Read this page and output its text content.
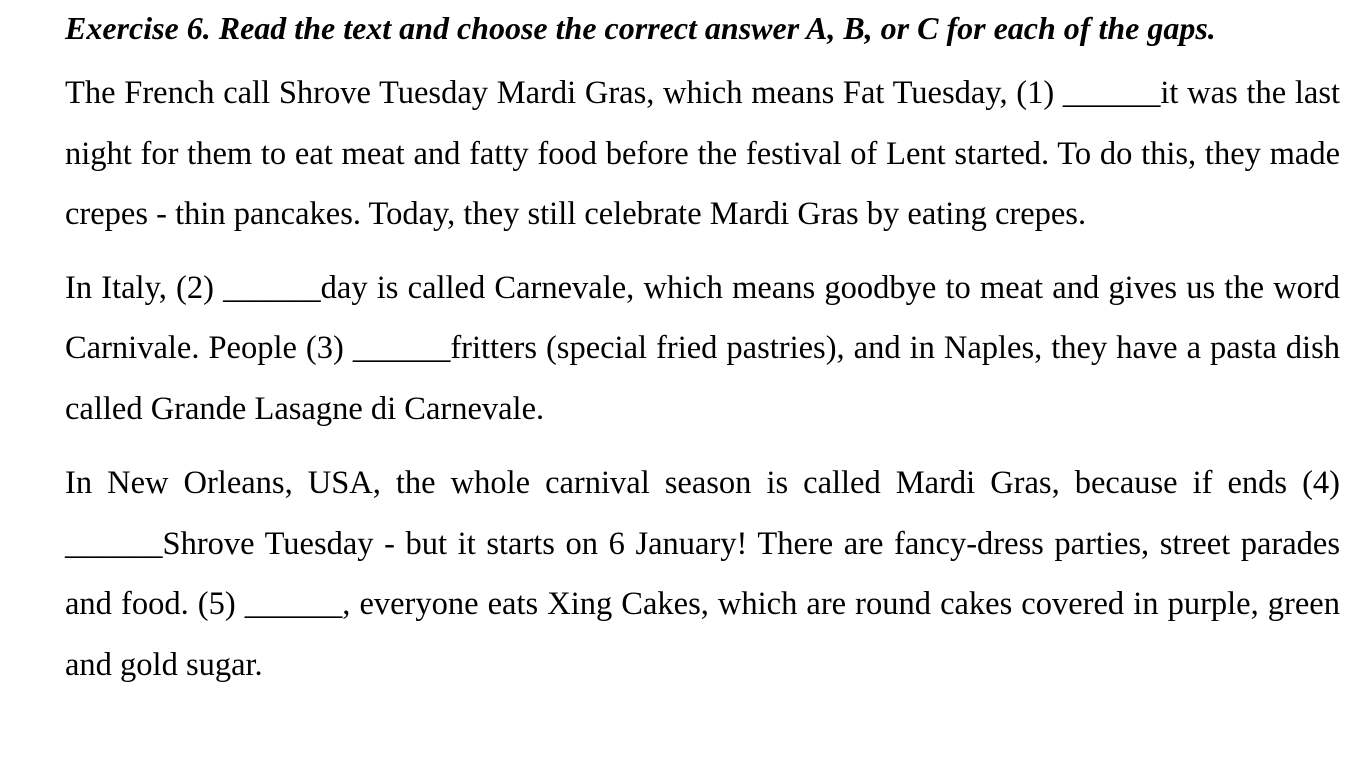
Exercise 6. Read the text and choose the correct answer A, B, or C for each of the gaps.

The French call Shrove Tuesday Mardi Gras, which means Fat Tuesday, (1) ______it was the last night for them to eat meat and fatty food before the festival of Lent started. To do this, they made crepes - thin pancakes. Today, they still celebrate Mardi Gras by eating crepes.

In Italy, (2) ______day is called Carnevale, which means goodbye to meat and gives us the word Carnivale. People (3) ______fritters (special fried pastries), and in Naples, they have a pasta dish called Grande Lasagne di Carnevale.

In New Orleans, USA, the whole carnival season is called Mardi Gras, because if ends (4) ______Shrove Tuesday - but it starts on 6 January! There are fancy-dress parties, street parades and food. (5) ______, everyone eats Xing Cakes, which are round cakes covered in purple, green and gold sugar.
